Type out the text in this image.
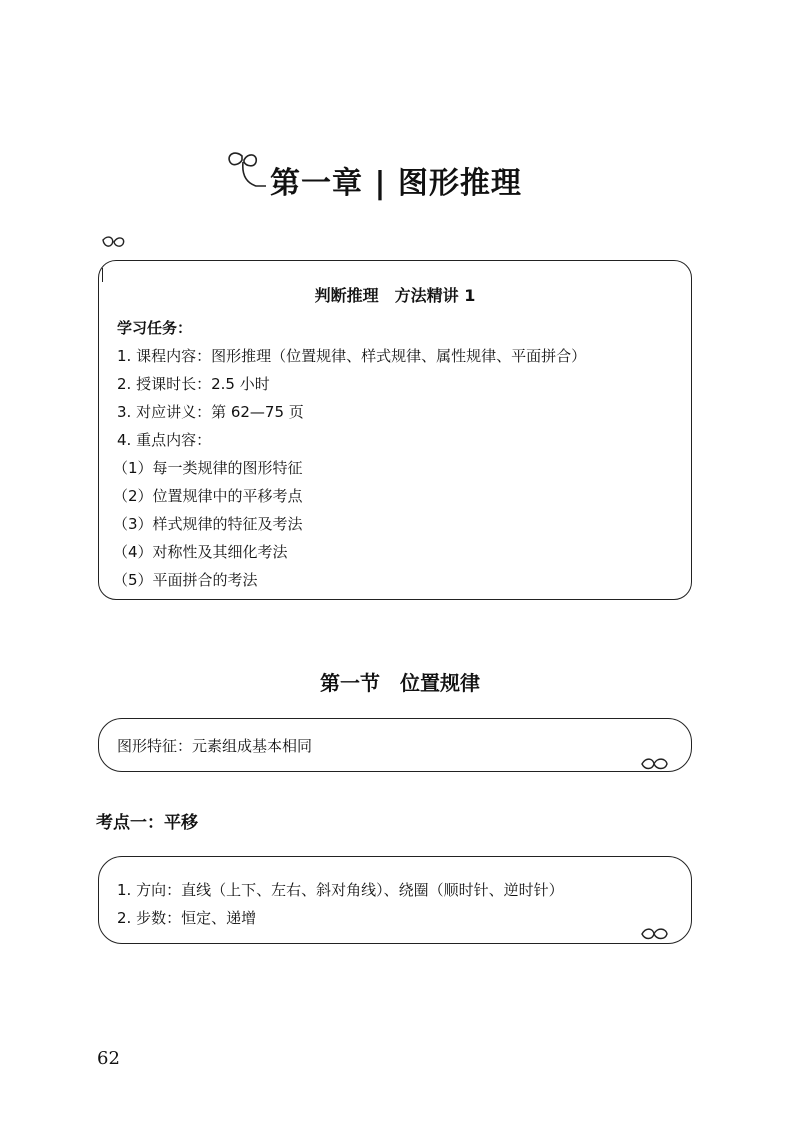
第一章 | 图形推理
判断推理　方法精讲 1
学习任务：
1. 课程内容：图形推理（位置规律、样式规律、属性规律、平面拼合）
2. 授课时长：2.5 小时
3. 对应讲义：第 62—75 页
4. 重点内容：
（1）每一类规律的图形特征
（2）位置规律中的平移考点
（3）样式规律的特征及考法
（4）对称性及其细化考法
（5）平面拼合的考法
第一节　位置规律
图形特征：元素组成基本相同
考点一：平移
1. 方向：直线（上下、左右、斜对角线）、绕圈（顺时针、逆时针）
2. 步数：恒定、递增
62
